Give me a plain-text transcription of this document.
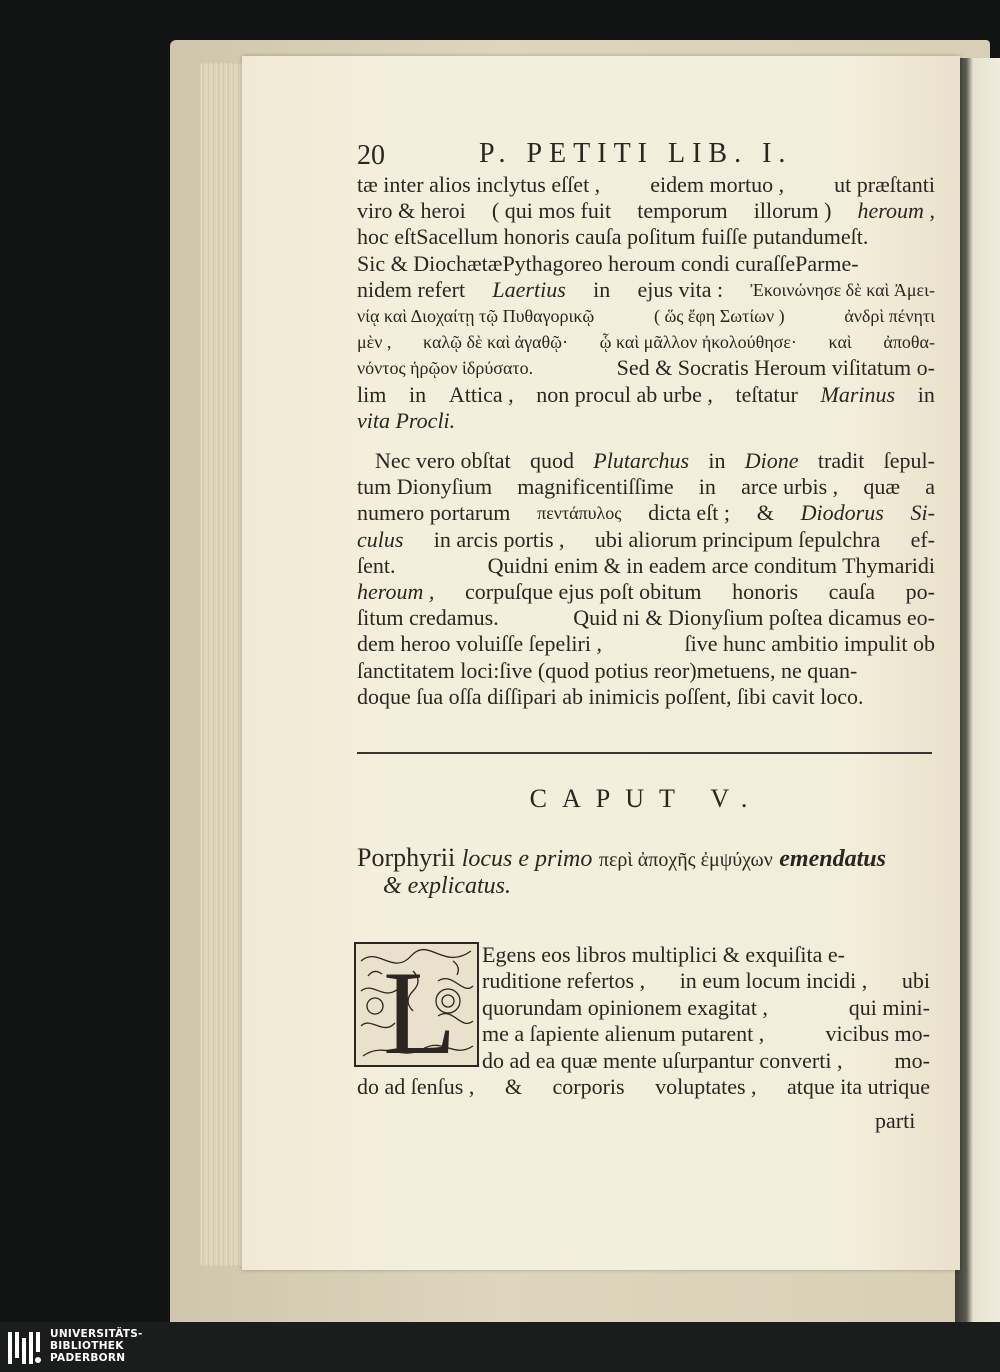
20	P. PETITI LIB. I.
tæ inter alios inclytus eſſet , eidem mortuo , ut præſtanti
viro & heroi ( qui mos fuit temporum illorum ) heroum ,
hoc eſtSacellum honoris cauſa poſitum fuiſſe putandumeſt.
Sic & DiochætæPythagoreo heroum condi curaſſeParme-
nidem refert Laertius in ejus vita : Ἐκοινώνησε δὲ καὶ Ἀμει-
νίᾳ καὶ Διοχαίτῃ τῷ Πυθαγορικῷ	( ὥς ἔφη Σωτίων )	ἀνδρὶ πένητι
μὲν , καλῷ δὲ καὶ ἀγαθῷ· ᾧ καὶ μᾶλλον ἠκολούθησε· καὶ ἀποθα-
νόντος ἡρῷον ἱδρύσατο.	Sed & Socratis Heroum viſitatum o-
lim in Attica , non procul ab urbe , teſtatur Marinus in
vita Procli.
Nec vero obſtat quod Plutarchus in Dione tradit ſepul-
tum Dionyſium magnificentiſſime in arce urbis , quæ a
numero portarum πεντάπυλος dicta eſt ; & Diodorus Si-
culus in arcis portis , ubi aliorum principum ſepulchra ef-
ſent.	Quidni enim & in eadem arce conditum Thymaridi
heroum , corpuſque ejus poſt obitum honoris cauſa po-
ſitum credamus.	Quid ni & Dionyſium poſtea dicamus eo-
dem heroo voluiſſe ſepeliri ,	ſive hunc ambitio impulit ob
ſanctitatem loci:ſive (quod potius reor)metuens, ne quan-
doque ſua oſſa diſſipari ab inimicis poſſent, ſibi cavit loco.
CAPUT V.
Porphyrii locus e primo περὶ ἀποχῆς ἐμψύχων emendatus
& explicatus.
L Egens eos libros multiplici & exquiſita e-
ruditione refertos , in eum locum incidi , ubi
quorundam opinionem exagitat ,	qui mini-
me a ſapiente alienum putarent ,	vicibus mo-
do ad ea quæ mente uſurpantur converti , mo-
do ad ſenſus , & corporis voluptates , atque ita utrique
parti
UNIVERSITÄTS-
BIBLIOTHEK
PADERBORN
